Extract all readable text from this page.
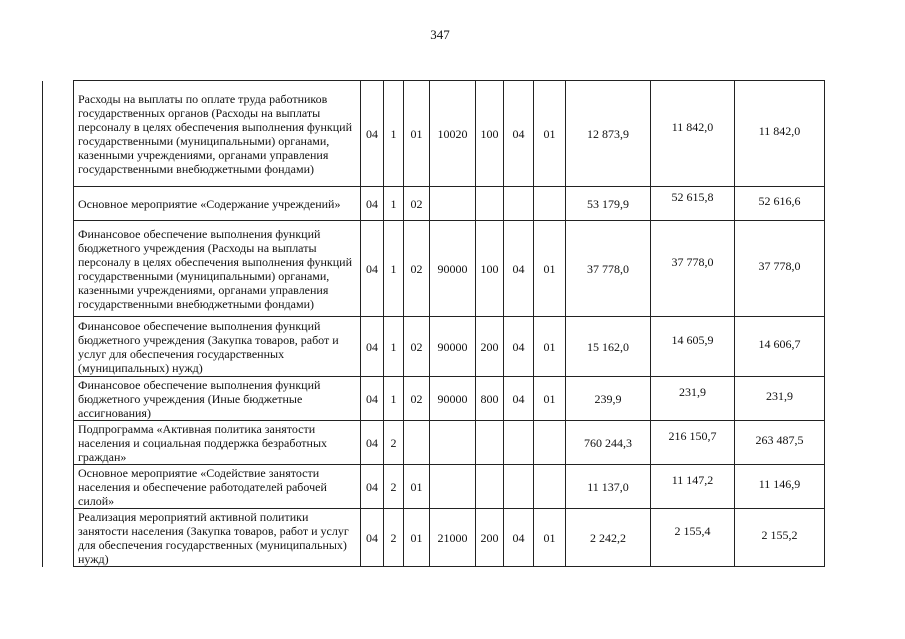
347
	Расходы на выплаты по оплате труда работников государственных органов (Расходы на выплаты персоналу в целях обеспечения выполнения функций государственными (муниципальными) органами, казенными учреждениями, органами управления государственными внебюджетными фондами)	04	1	01	10020	100	04	01	12 873,9	11 842,0	11 842,0
	Основное мероприятие «Содержание учреждений»	04	1	02					53 179,9	52 615,8	52 616,6
	Финансовое обеспечение выполнения функций бюджетного учреждения (Расходы на выплаты персоналу в целях обеспечения выполнения функций государственными (муниципальными) органами, казенными учреждениями, органами управления государственными внебюджетными фондами)	04	1	02	90000	100	04	01	37 778,0	37 778,0	37 778,0
	Финансовое обеспечение выполнения функций бюджетного учреждения (Закупка товаров, работ и услуг для обеспечения государственных (муниципальных) нужд)	04	1	02	90000	200	04	01	15 162,0	14 605,9	14 606,7
	Финансовое обеспечение выполнения функций бюджетного учреждения (Иные бюджетные ассигнования)	04	1	02	90000	800	04	01	239,9	231,9	231,9
	Подпрограмма «Активная политика занятости населения и социальная поддержка безработных граждан»	04	2						760 244,3	216 150,7	263 487,5
	Основное мероприятие «Содействие занятости населения и обеспечение работодателей рабочей силой»	04	2	01					11 137,0	11 147,2	11 146,9
	Реализация мероприятий активной политики занятости населения (Закупка товаров, работ и услуг для обеспечения государственных (муниципальных) нужд)	04	2	01	21000	200	04	01	2 242,2	2 155,4	2 155,2
